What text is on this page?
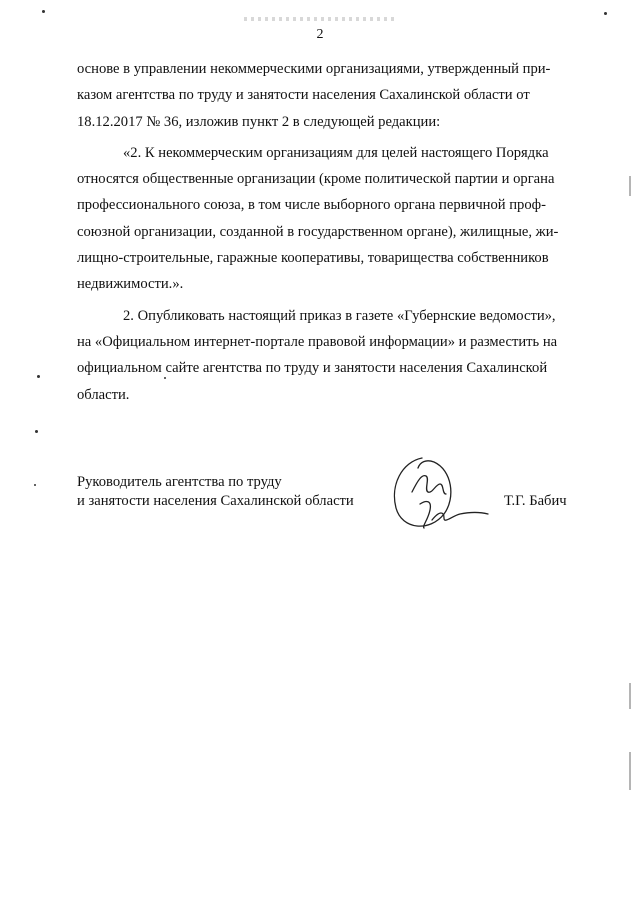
2

основе в управлении некоммерческими организациями, утвержденный при-
казом агентства по труду и занятости населения Сахалинской области от
18.12.2017 № 36, изложив пункт 2 в следующей редакции:

«2. К некоммерческим организациям для целей настоящего Порядка
относятся общественные организации (кроме политической партии и органа
профессионального союза, в том числе выборного органа первичной проф-
союзной организации, созданной в государственном органе), жилищные, жи-
лищно-строительные, гаражные кооперативы, товарищества собственников
недвижимости.».

2. Опубликовать настоящий приказ в газете «Губернские ведомости»,
на «Официальном интернет-портале правовой информации» и разместить на
официальном сайте агентства по труду и занятости населения Сахалинской
области.

Руководитель агентства по труду
и занятости населения Сахалинской области	Т.Г. Бабич
